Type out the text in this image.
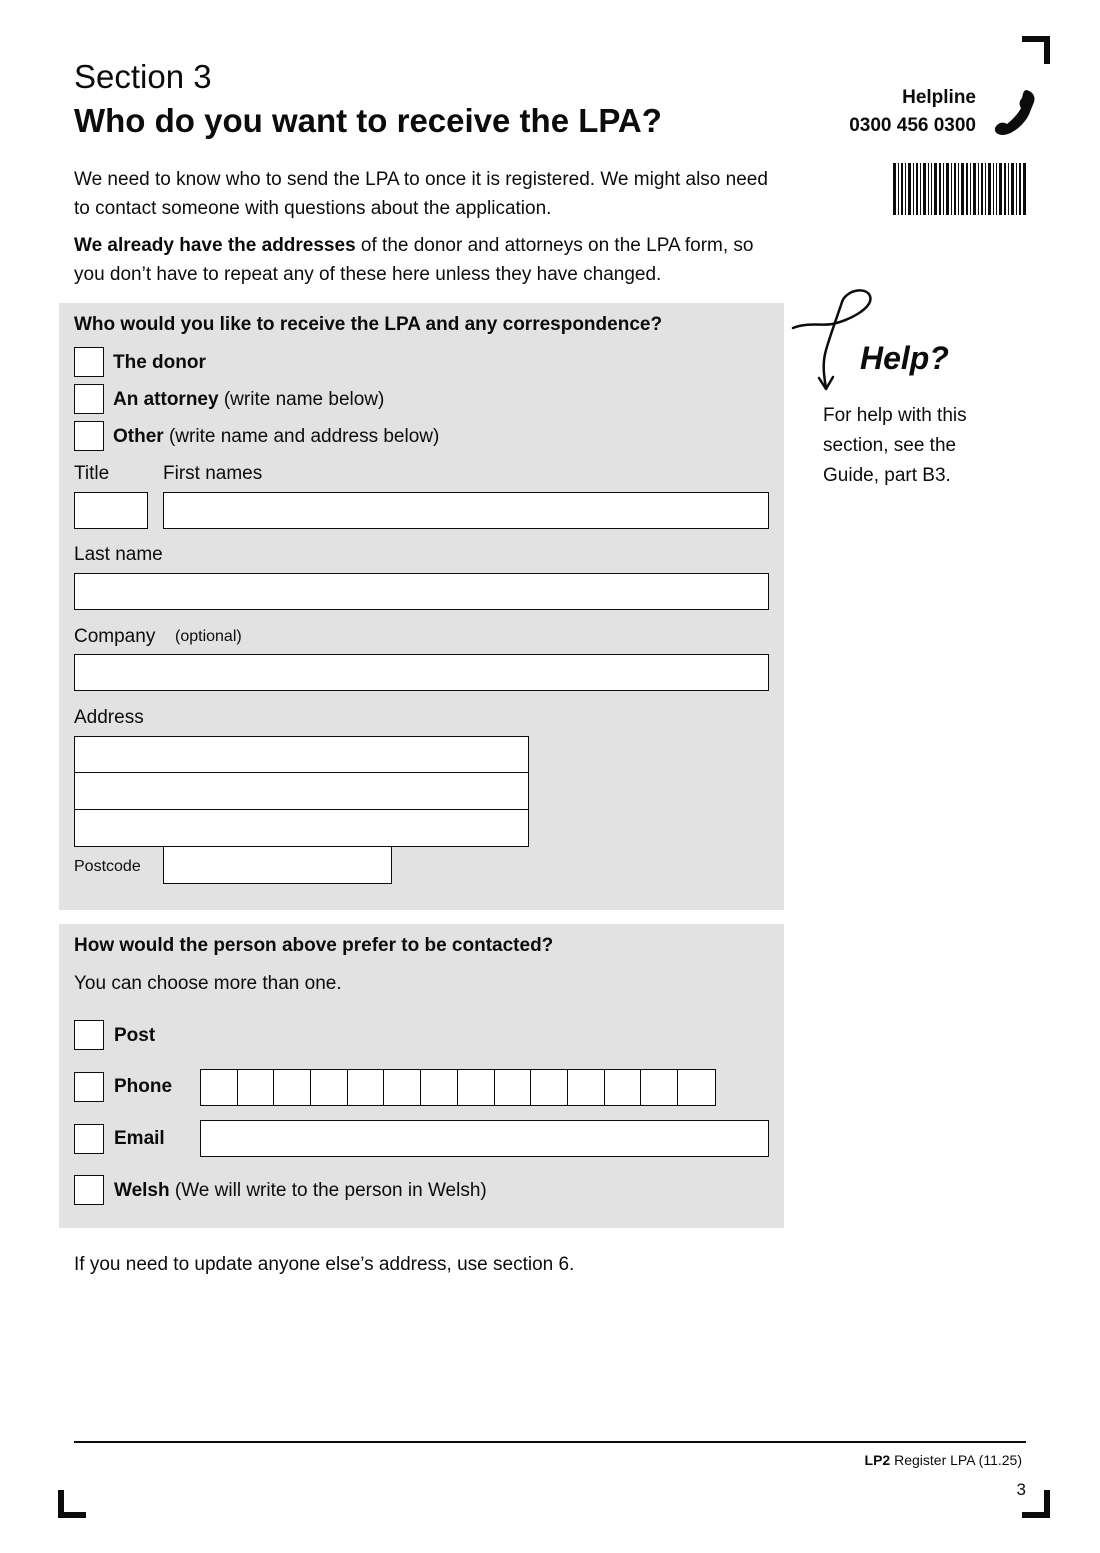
Section 3
Who do you want to receive the LPA?
Helpline
0300 456 0300
We need to know who to send the LPA to once it is registered. We might also need to contact someone with questions about the application.
We already have the addresses of the donor and attorneys on the LPA form, so you don’t have to repeat any of these here unless they have changed.
Who would you like to receive the LPA and any correspondence?
The donor
An attorney (write name below)
Other (write name and address below)
Title	First names
Last name
Company (optional)
Address
Postcode
Help?
For help with this section, see the Guide, part B3.
How would the person above prefer to be contacted?
You can choose more than one.
Post
Phone
Email
Welsh (We will write to the person in Welsh)
If you need to update anyone else’s address, use section 6.
LP2 Register LPA (11.25)
3
